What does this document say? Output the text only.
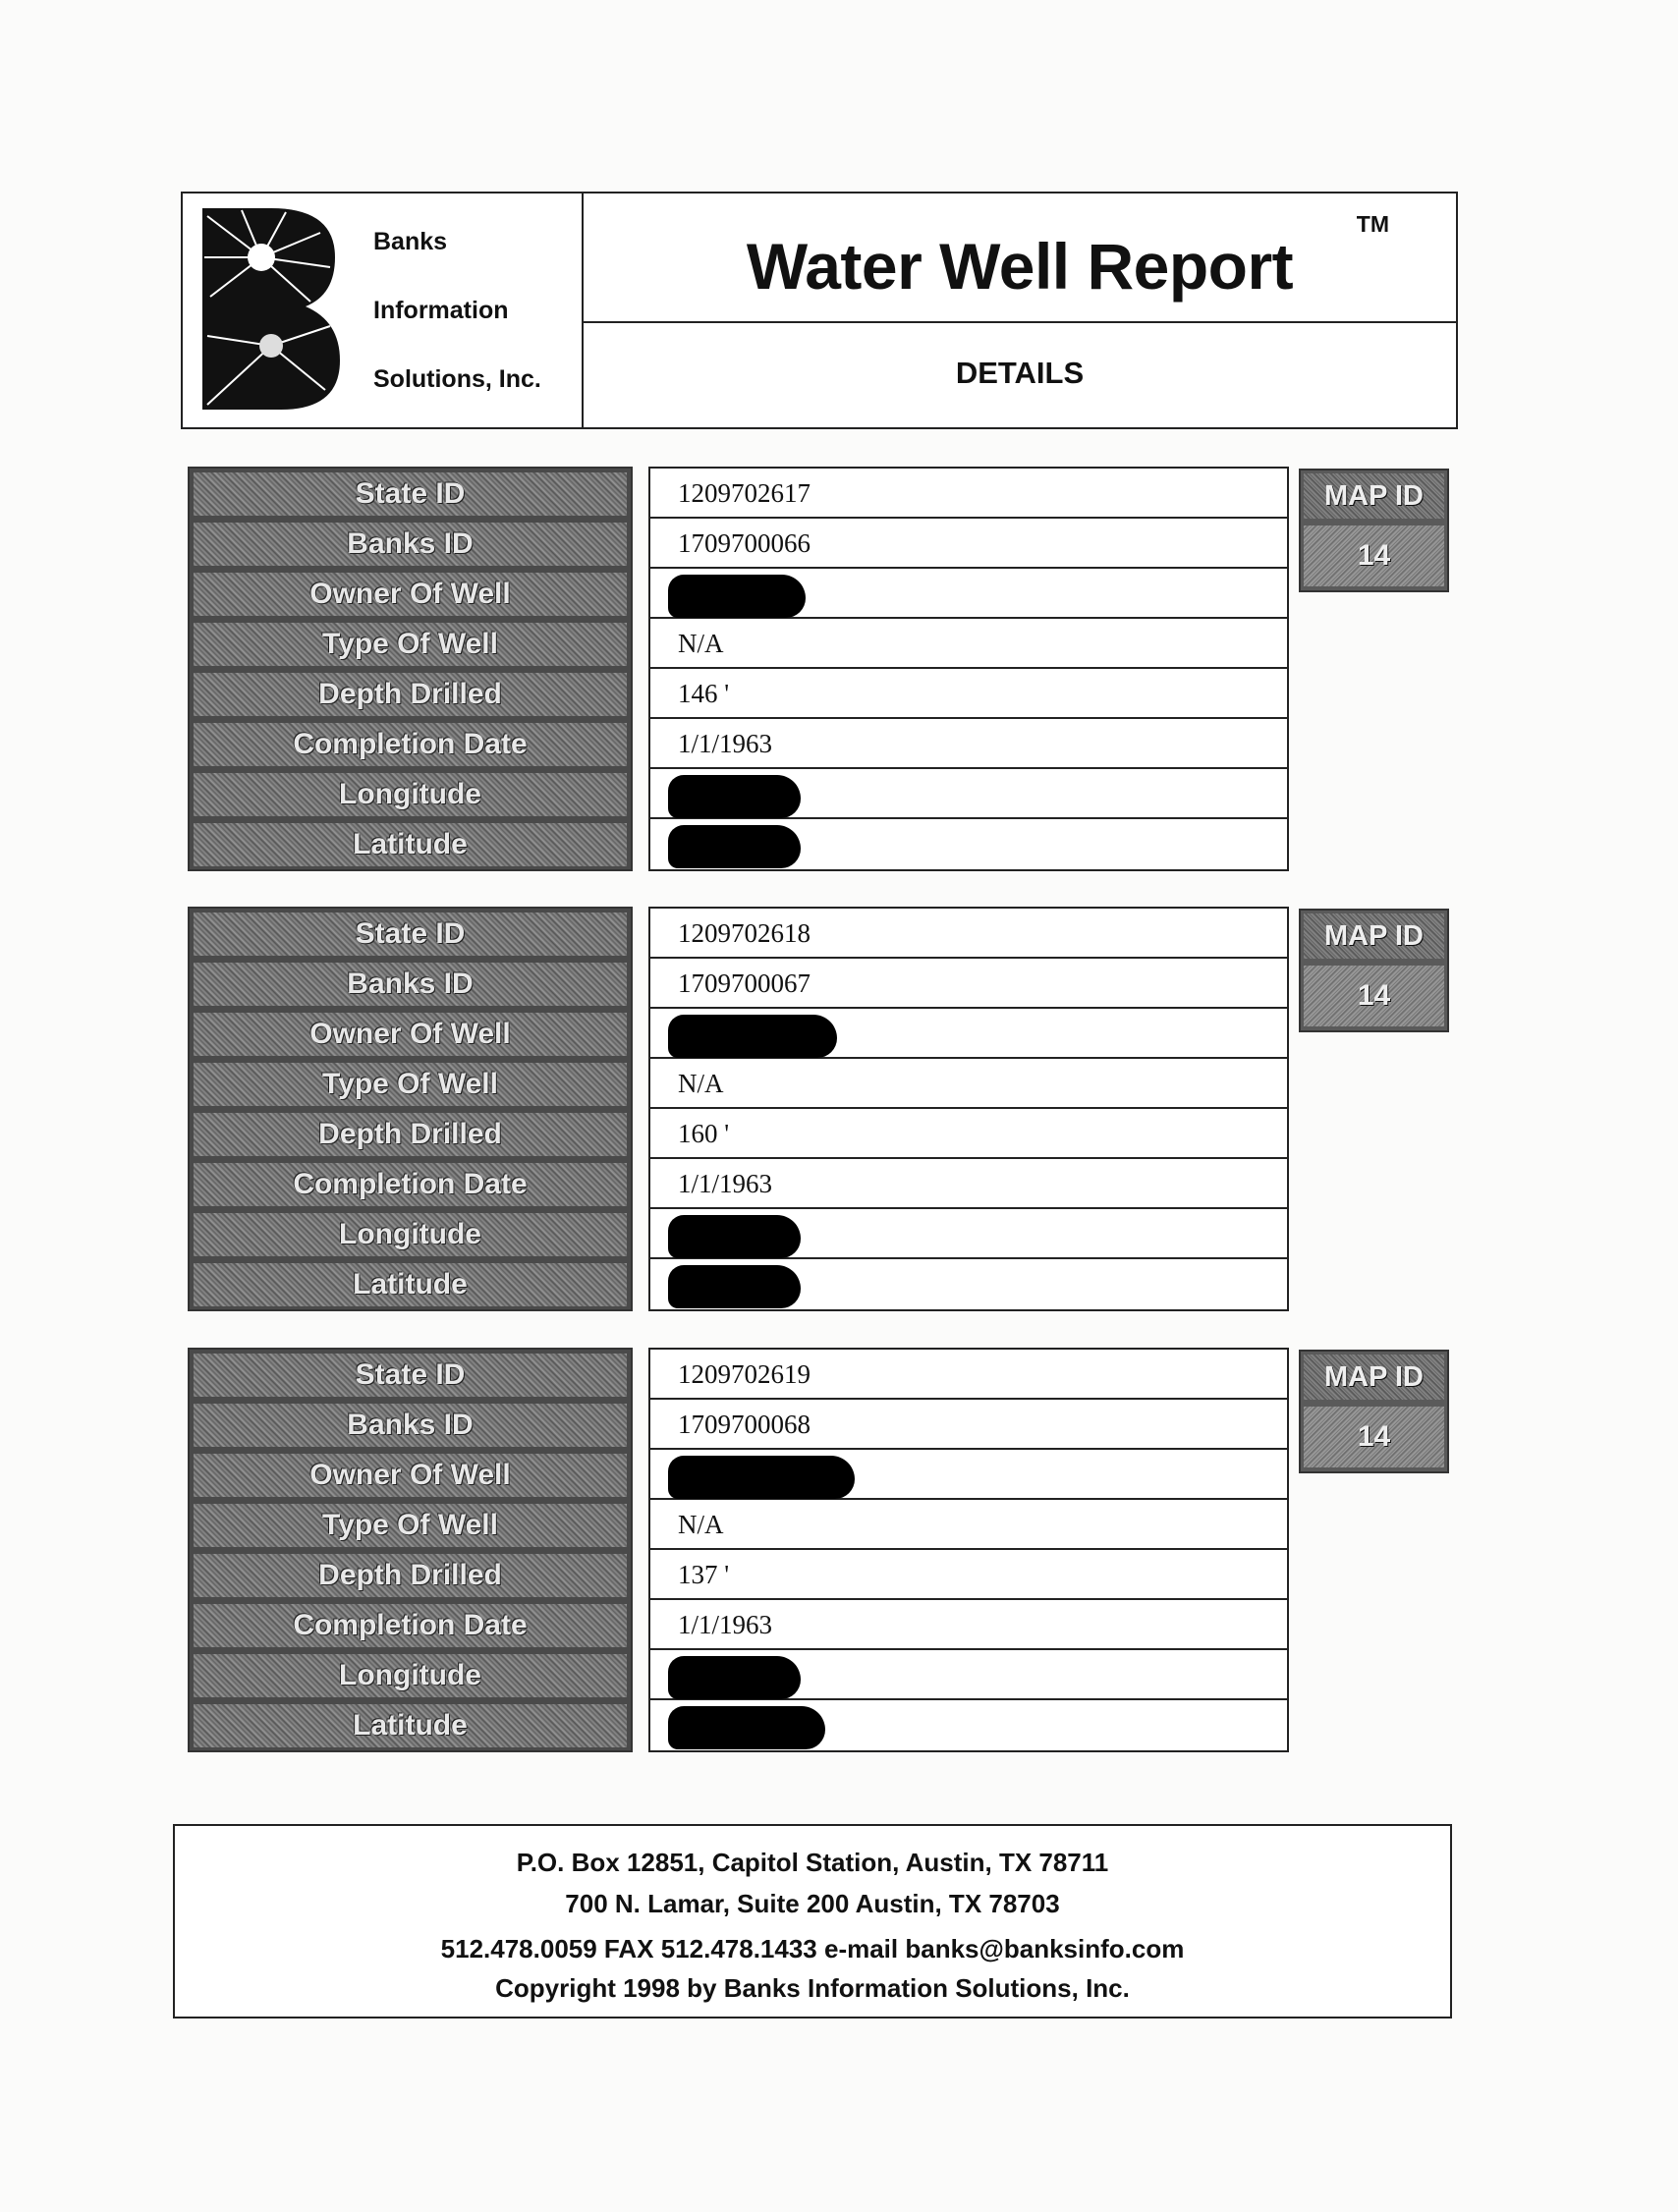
Banks
Information
Solutions, Inc.
Water Well Report
TM
DETAILS
State ID
Banks ID
Owner Of Well
Type Of Well
Depth Drilled
Completion Date
Longitude
Latitude
1209702617
1709700066
N/A
146 '
1/1/1963
MAP ID
14
State ID
Banks ID
Owner Of Well
Type Of Well
Depth Drilled
Completion Date
Longitude
Latitude
1209702618
1709700067
N/A
160 '
1/1/1963
MAP ID
14
State ID
Banks ID
Owner Of Well
Type Of Well
Depth Drilled
Completion Date
Longitude
Latitude
1209702619
1709700068
N/A
137 '
1/1/1963
MAP ID
14
P.O. Box 12851, Capitol Station, Austin, TX 78711
700 N. Lamar, Suite 200 Austin, TX 78703
512.478.0059 FAX 512.478.1433 e-mail banks@banksinfo.com
Copyright 1998 by Banks Information Solutions, Inc.
